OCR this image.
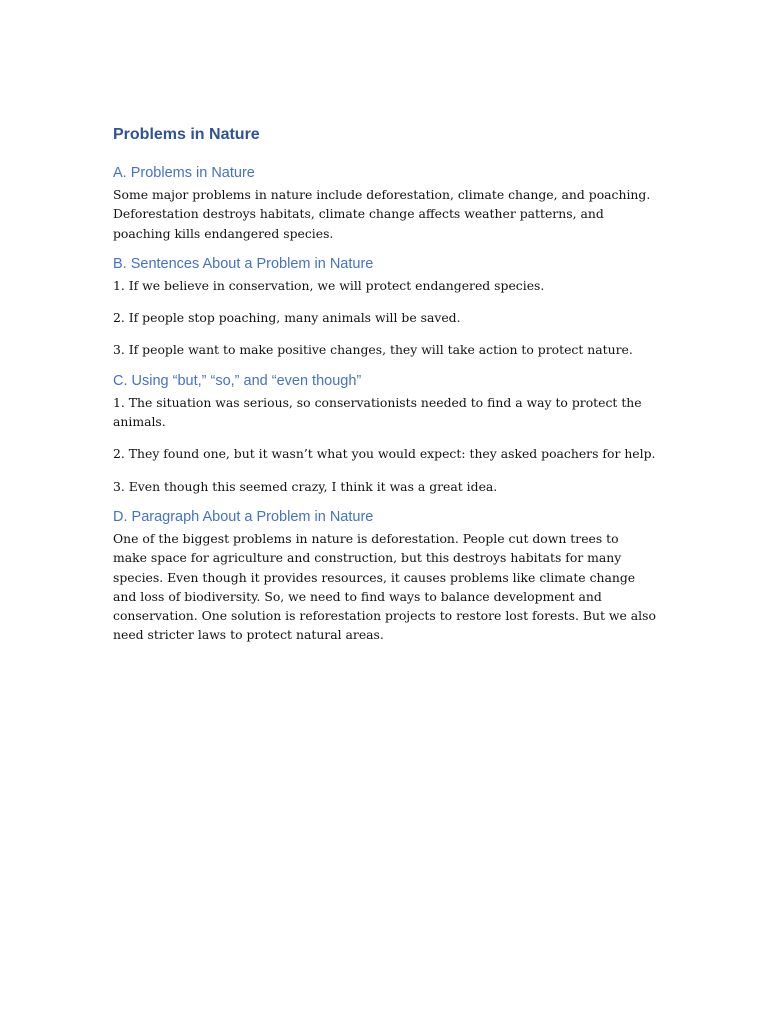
Problems in Nature
A. Problems in Nature

Some major problems in nature include deforestation, climate change, and poaching. Deforestation destroys habitats, climate change affects weather patterns, and poaching kills endangered species.

B. Sentences About a Problem in Nature

1. If we believe in conservation, we will protect endangered species.

2. If people stop poaching, many animals will be saved.

3. If people want to make positive changes, they will take action to protect nature.

C. Using “but,” “so,” and “even though”

1. The situation was serious, so conservationists needed to find a way to protect the animals.

2. They found one, but it wasn’t what you would expect: they asked poachers for help.

3. Even though this seemed crazy, I think it was a great idea.

D. Paragraph About a Problem in Nature

One of the biggest problems in nature is deforestation. People cut down trees to make space for agriculture and construction, but this destroys habitats for many species. Even though it provides resources, it causes problems like climate change and loss of biodiversity. So, we need to find ways to balance development and conservation. One solution is reforestation projects to restore lost forests. But we also need stricter laws to protect natural areas.
